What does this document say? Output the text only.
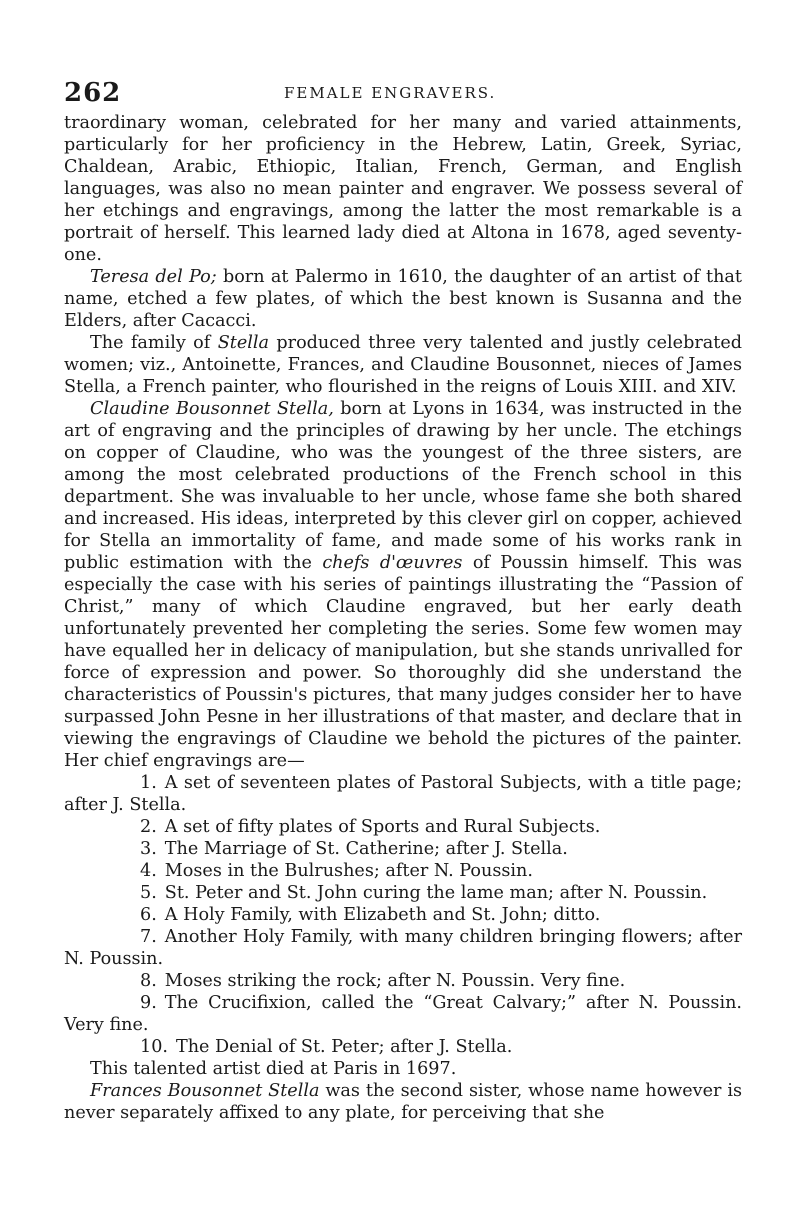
262	FEMALE ENGRAVERS.

traordinary woman, celebrated for her many and varied attainments, particularly for her proficiency in the Hebrew, Latin, Greek, Syriac, Chaldean, Arabic, Ethiopic, Italian, French, German, and English languages, was also no mean painter and engraver. We possess several of her etchings and engravings, among the latter the most remarkable is a portrait of herself. This learned lady died at Altona in 1678, aged seventy-one.

Teresa del Po; born at Palermo in 1610, the daughter of an artist of that name, etched a few plates, of which the best known is Susanna and the Elders, after Cacacci.

The family of Stella produced three very talented and justly celebrated women; viz., Antoinette, Frances, and Claudine Bousonnet, nieces of James Stella, a French painter, who flourished in the reigns of Louis XIII. and XIV.

Claudine Bousonnet Stella, born at Lyons in 1634, was instructed in the art of engraving and the principles of drawing by her uncle. The etchings on copper of Claudine, who was the youngest of the three sisters, are among the most celebrated productions of the French school in this department. She was invaluable to her uncle, whose fame she both shared and increased. His ideas, interpreted by this clever girl on copper, achieved for Stella an immortality of fame, and made some of his works rank in public estimation with the chefs d'œuvres of Poussin himself. This was especially the case with his series of paintings illustrating the “Passion of Christ,” many of which Claudine engraved, but her early death unfortunately prevented her completing the series. Some few women may have equalled her in delicacy of manipulation, but she stands unrivalled for force of expression and power. So thoroughly did she understand the characteristics of Poussin's pictures, that many judges consider her to have surpassed John Pesne in her illustrations of that master, and declare that in viewing the engravings of Claudine we behold the pictures of the painter. Her chief engravings are—

1. A set of seventeen plates of Pastoral Subjects, with a title page; after J. Stella.

2. A set of fifty plates of Sports and Rural Subjects.

3. The Marriage of St. Catherine; after J. Stella.

4. Moses in the Bulrushes; after N. Poussin.

5. St. Peter and St. John curing the lame man; after N. Poussin.

6. A Holy Family, with Elizabeth and St. John; ditto.

7. Another Holy Family, with many children bringing flowers; after N. Poussin.

8. Moses striking the rock; after N. Poussin. Very fine.

9. The Crucifixion, called the “Great Calvary;” after N. Poussin. Very fine.

10. The Denial of St. Peter; after J. Stella.

This talented artist died at Paris in 1697.

Frances Bousonnet Stella was the second sister, whose name however is never separately affixed to any plate, for perceiving that she
